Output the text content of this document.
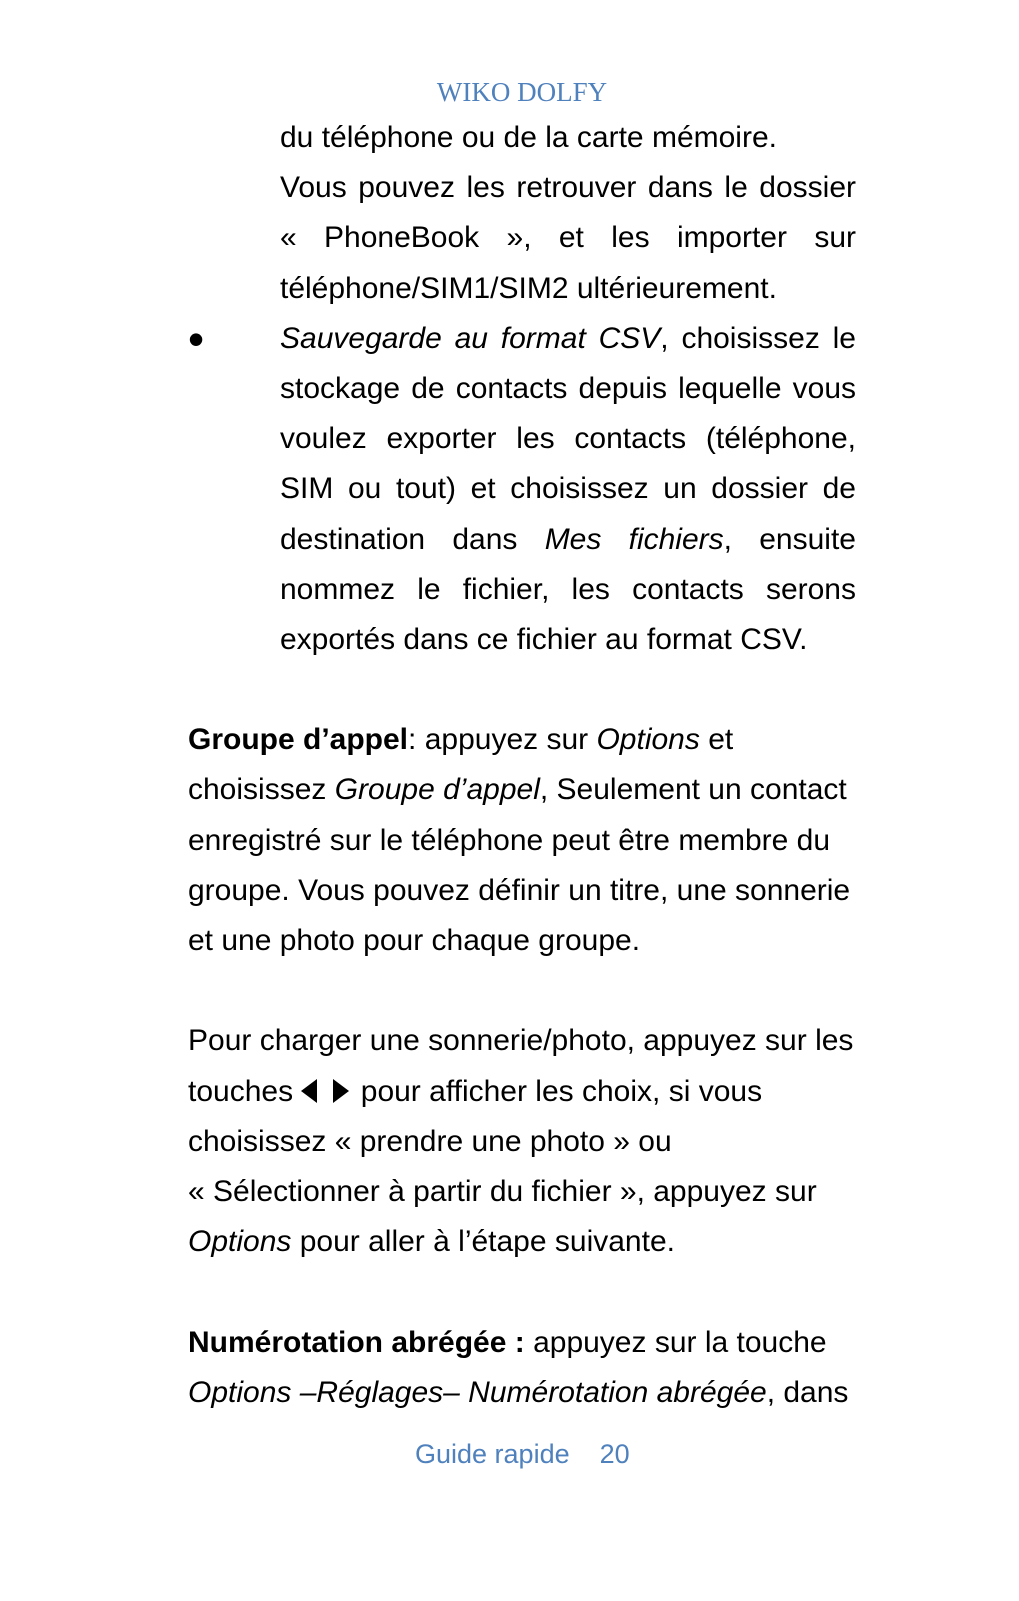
WIKO DOLFY
du téléphone ou de la carte mémoire.
Vous pouvez les retrouver dans le dossier
« PhoneBook », et les importer sur
téléphone/SIM1/SIM2 ultérieurement.
•	Sauvegarde au format CSV, choisissez le
stockage de contacts depuis lequelle vous
voulez exporter les contacts (téléphone,
SIM ou tout) et choisissez un dossier de
destination dans Mes fichiers, ensuite
nommez le fichier, les contacts serons
exportés dans ce fichier au format CSV.
Groupe d’appel: appuyez sur Options et
choisissez Groupe d’appel, Seulement un contact
enregistré sur le téléphone peut être membre du
groupe. Vous pouvez définir un titre, une sonnerie
et une photo pour chaque groupe.
Pour charger une sonnerie/photo, appuyez sur les
touches
pour afficher les choix, si vous
choisissez « prendre une photo » ou
« Sélectionner à partir du fichier », appuyez sur
Options pour aller à l’étape suivante.
Numérotation abrégée : appuyez sur la touche
Options –Réglages– Numérotation abrégée, dans
Guide rapide 20
